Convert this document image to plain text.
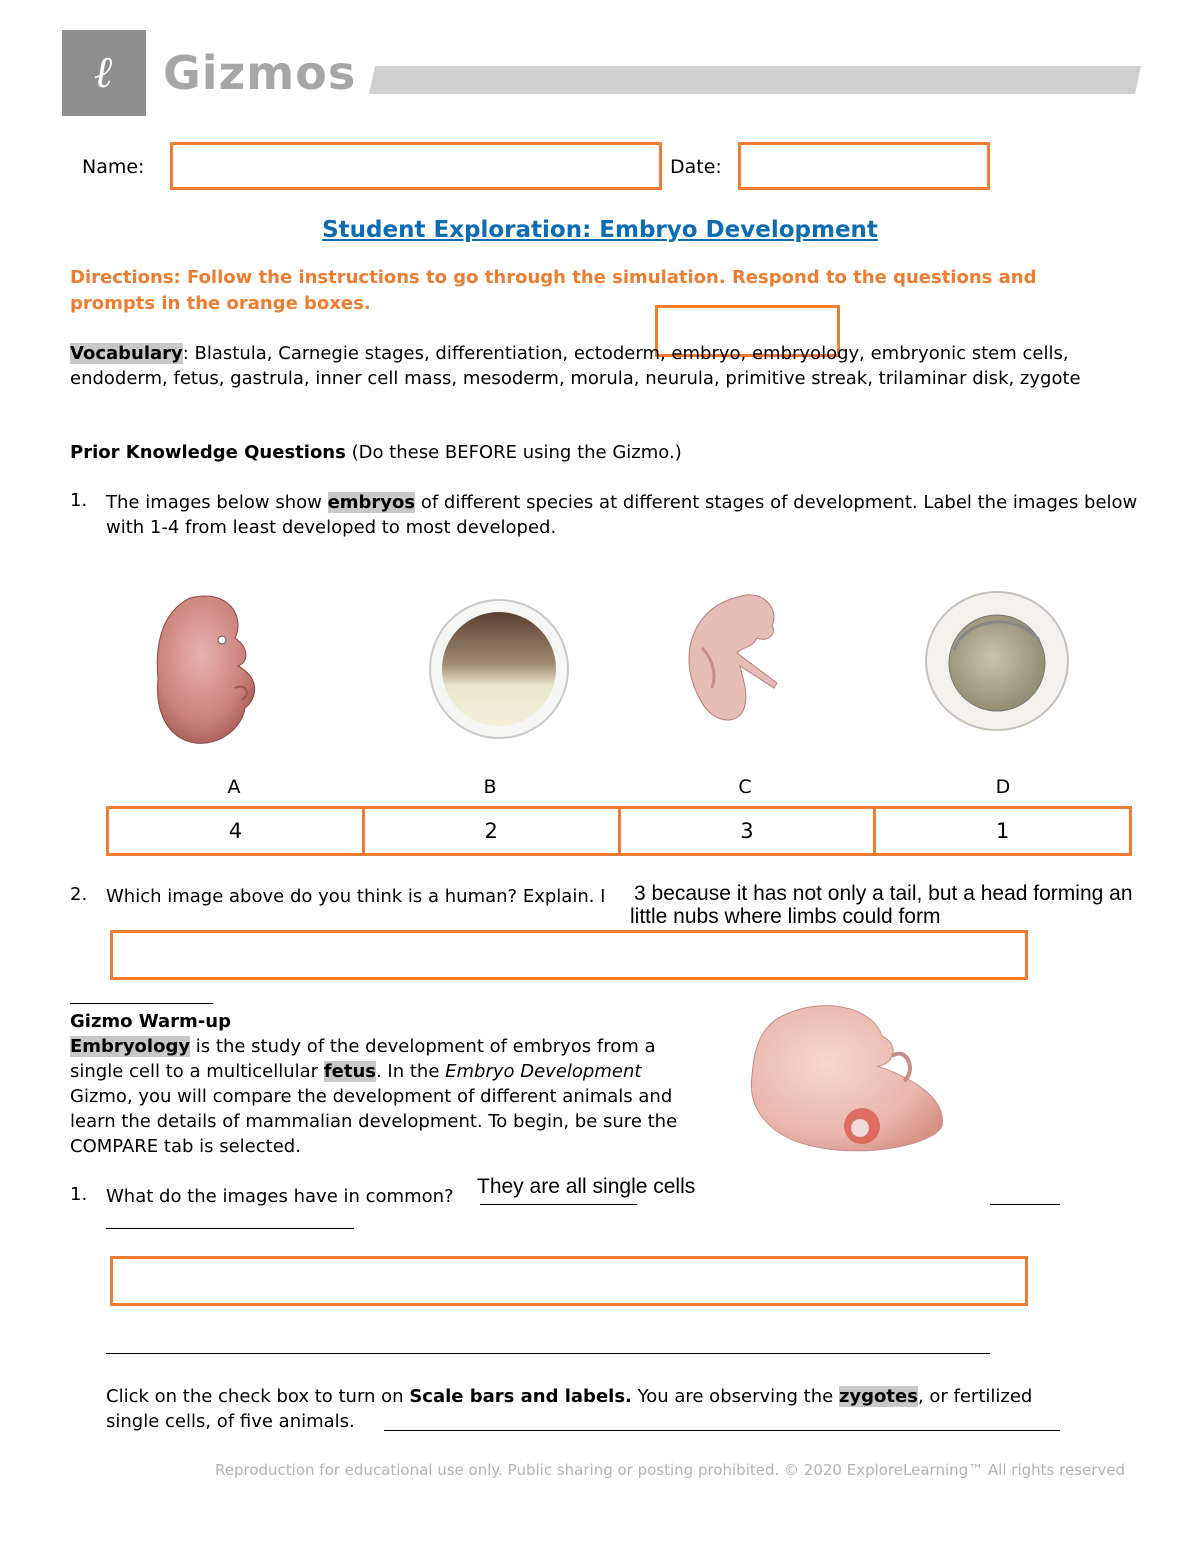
ℓ	Gizmos
Name:	Date:
Student Exploration: Embryo Development
Directions: Follow the instructions to go through the simulation. Respond to the questions and prompts in the orange boxes.
Vocabulary: Blastula, Carnegie stages, differentiation, ectoderm, embryo, embryology, embryonic stem cells, endoderm, fetus, gastrula, inner cell mass, mesoderm, morula, neurula, primitive streak, trilaminar disk, zygote
Prior Knowledge Questions (Do these BEFORE using the Gizmo.)
1. The images below show embryos of different species at different stages of development. Label the images below with 1-4 from least developed to most developed.
A	B	C	D
4	2	3	1
2. Which image above do you think is a human? Explain. I 3 because it has not only a tail, but a head forming an
little nubs where limbs could form
Gizmo Warm-up
Embryology is the study of the development of embryos from a single cell to a multicellular fetus. In the Embryo Development Gizmo, you will compare the development of different animals and learn the details of mammalian development. To begin, be sure the COMPARE tab is selected.
1. What do the images have in common? They are all single cells
Click on the check box to turn on Scale bars and labels. You are observing the zygotes, or fertilized
single cells, of five animals.
Reproduction for educational use only. Public sharing or posting prohibited. © 2020 ExploreLearning™ All rights reserved
